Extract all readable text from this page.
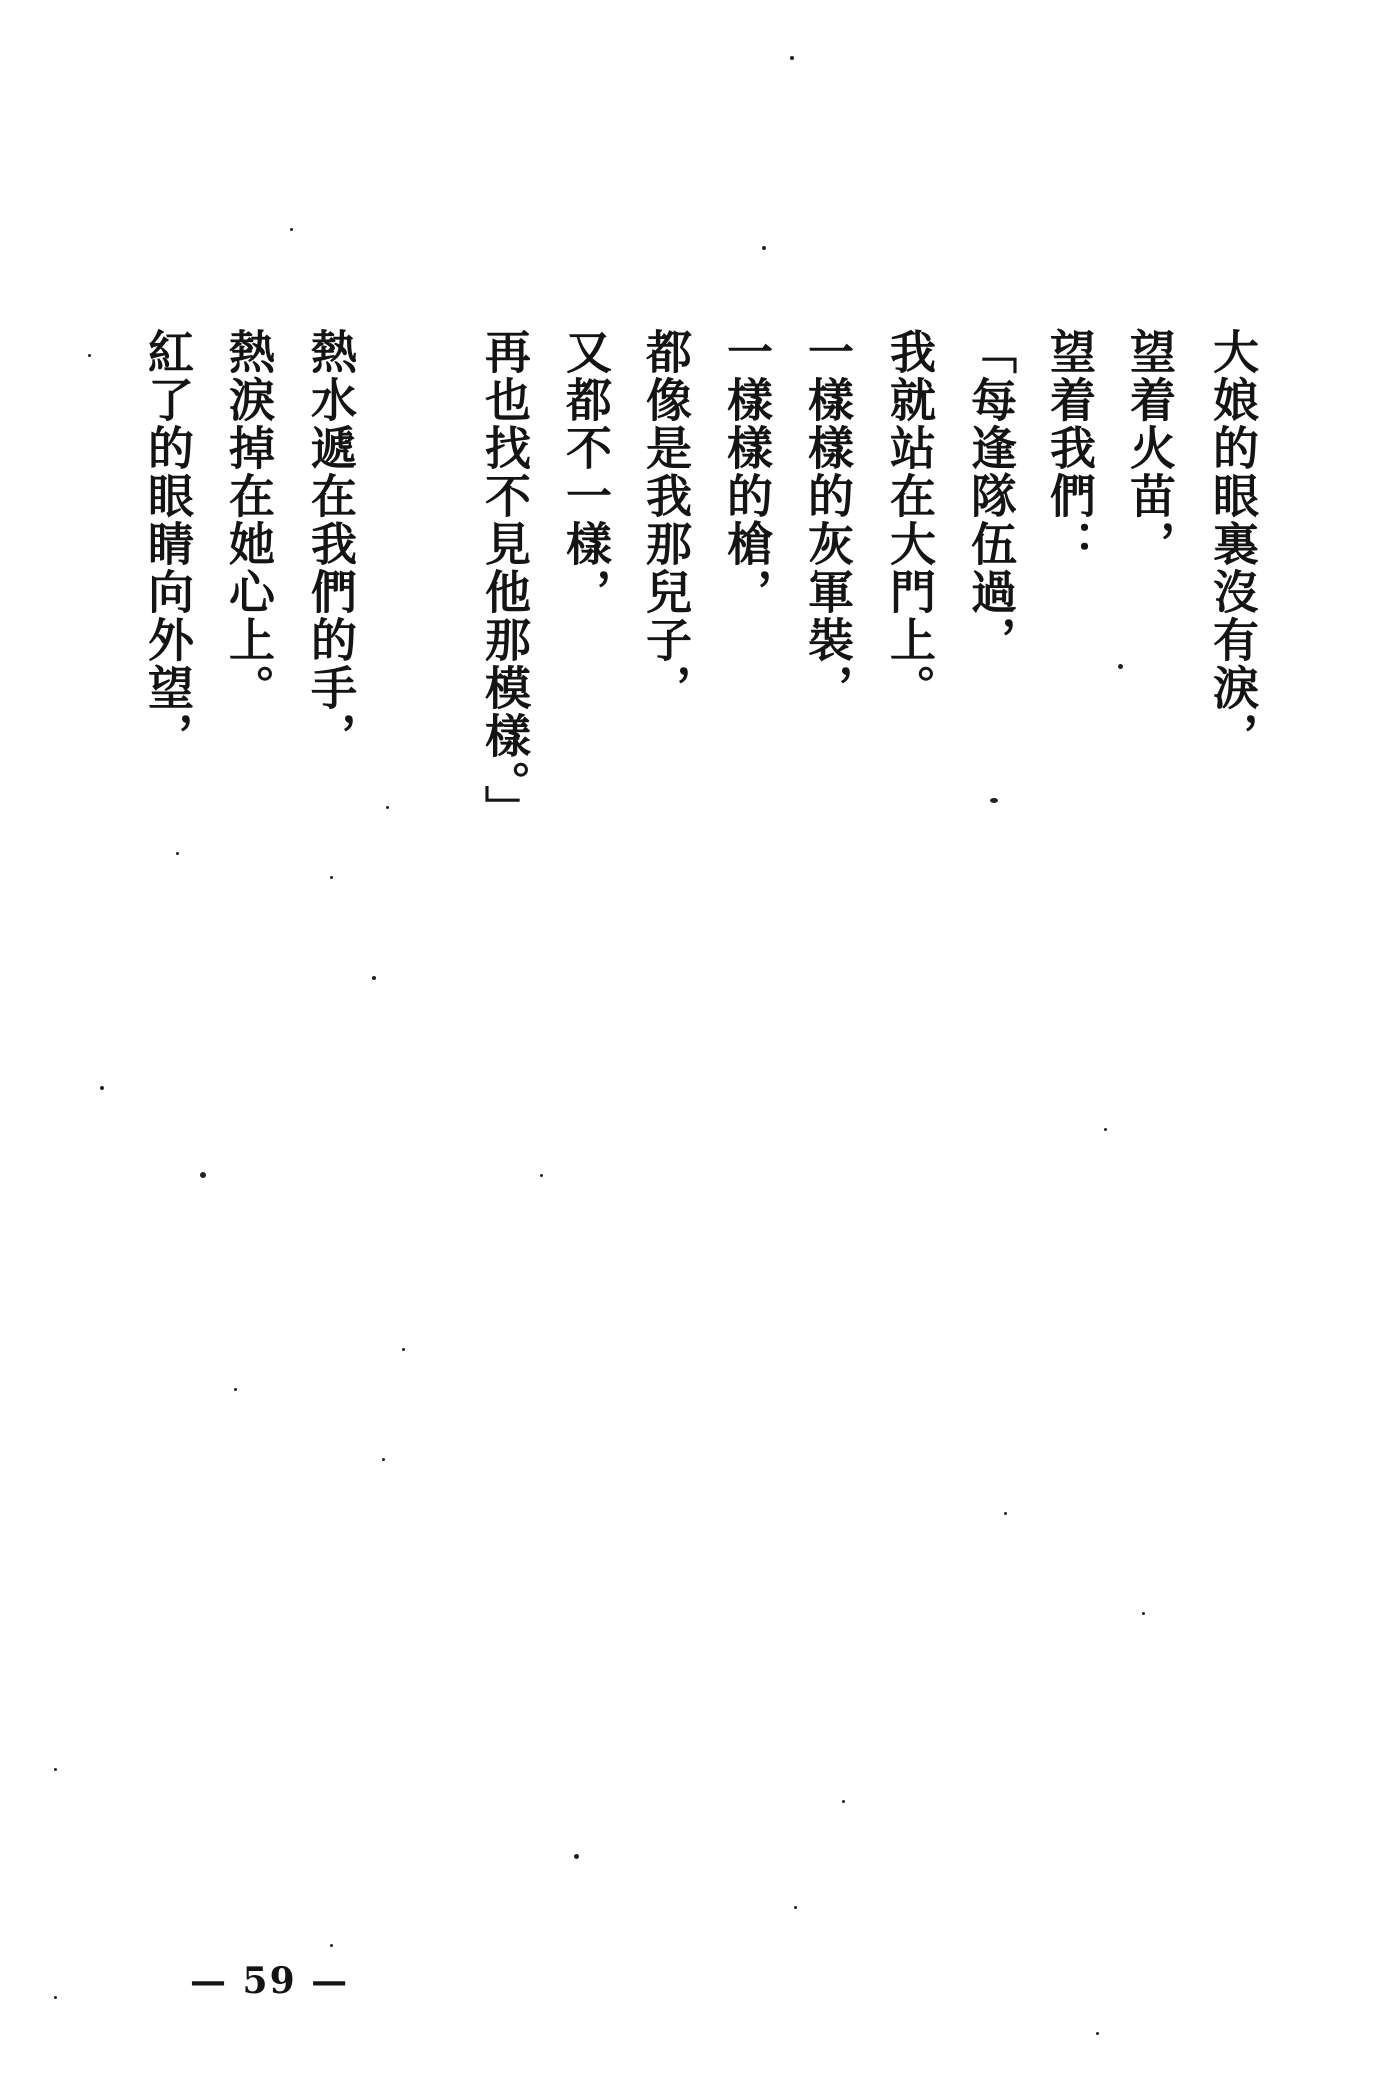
大娘的眼裏沒有淚，
望着火苗，
望着我們：
「每逢隊伍過，
我就站在大門上。
一樣樣的灰軍裝，
一樣樣的槍，
都像是我那兒子，
又都不一樣，
再也找不見他那模樣。」
熱水遞在我們的手，
熱淚掉在她心上。
紅了的眼睛向外望，
— 59 —
